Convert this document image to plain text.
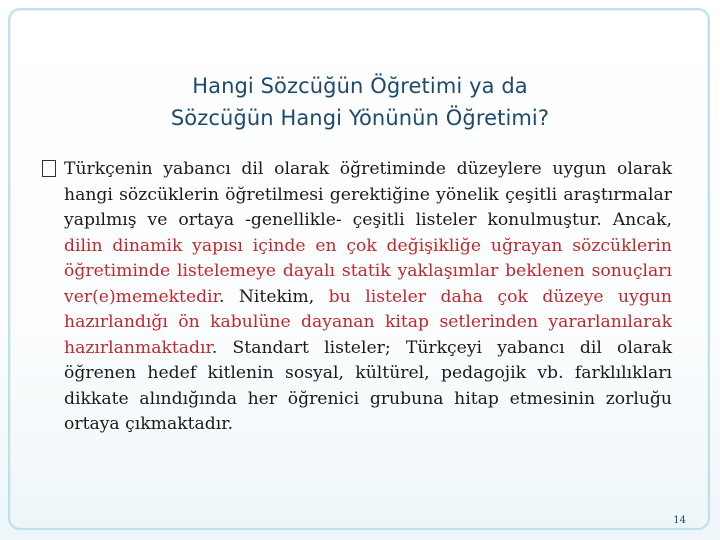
Hangi Sözcüğün Öğretimi ya da
Sözcüğün Hangi Yönünün Öğretimi?
Türkçenin yabancı dil olarak öğretiminde düzeylere uygun olarak hangi sözcüklerin öğretilmesi gerektiğine yönelik çeşitli araştırmalar yapılmış ve ortaya -genellikle- çeşitli listeler konulmuştur. Ancak, dilin dinamik yapısı içinde en çok değişikliğe uğrayan sözcüklerin öğretiminde listelemeye dayalı statik yaklaşımlar beklenen sonuçları ver(e)memektedir. Nitekim, bu listeler daha çok düzeye uygun hazırlandığı ön kabulüne dayanan kitap setlerinden yararlanılarak hazırlanmaktadır. Standart listeler; Türkçeyi yabancı dil olarak öğrenen hedef kitlenin sosyal, kültürel, pedagojik vb. farklılıkları dikkate alındığında her öğrenici grubuna hitap etmesinin zorluğu ortaya çıkmaktadır.
14
